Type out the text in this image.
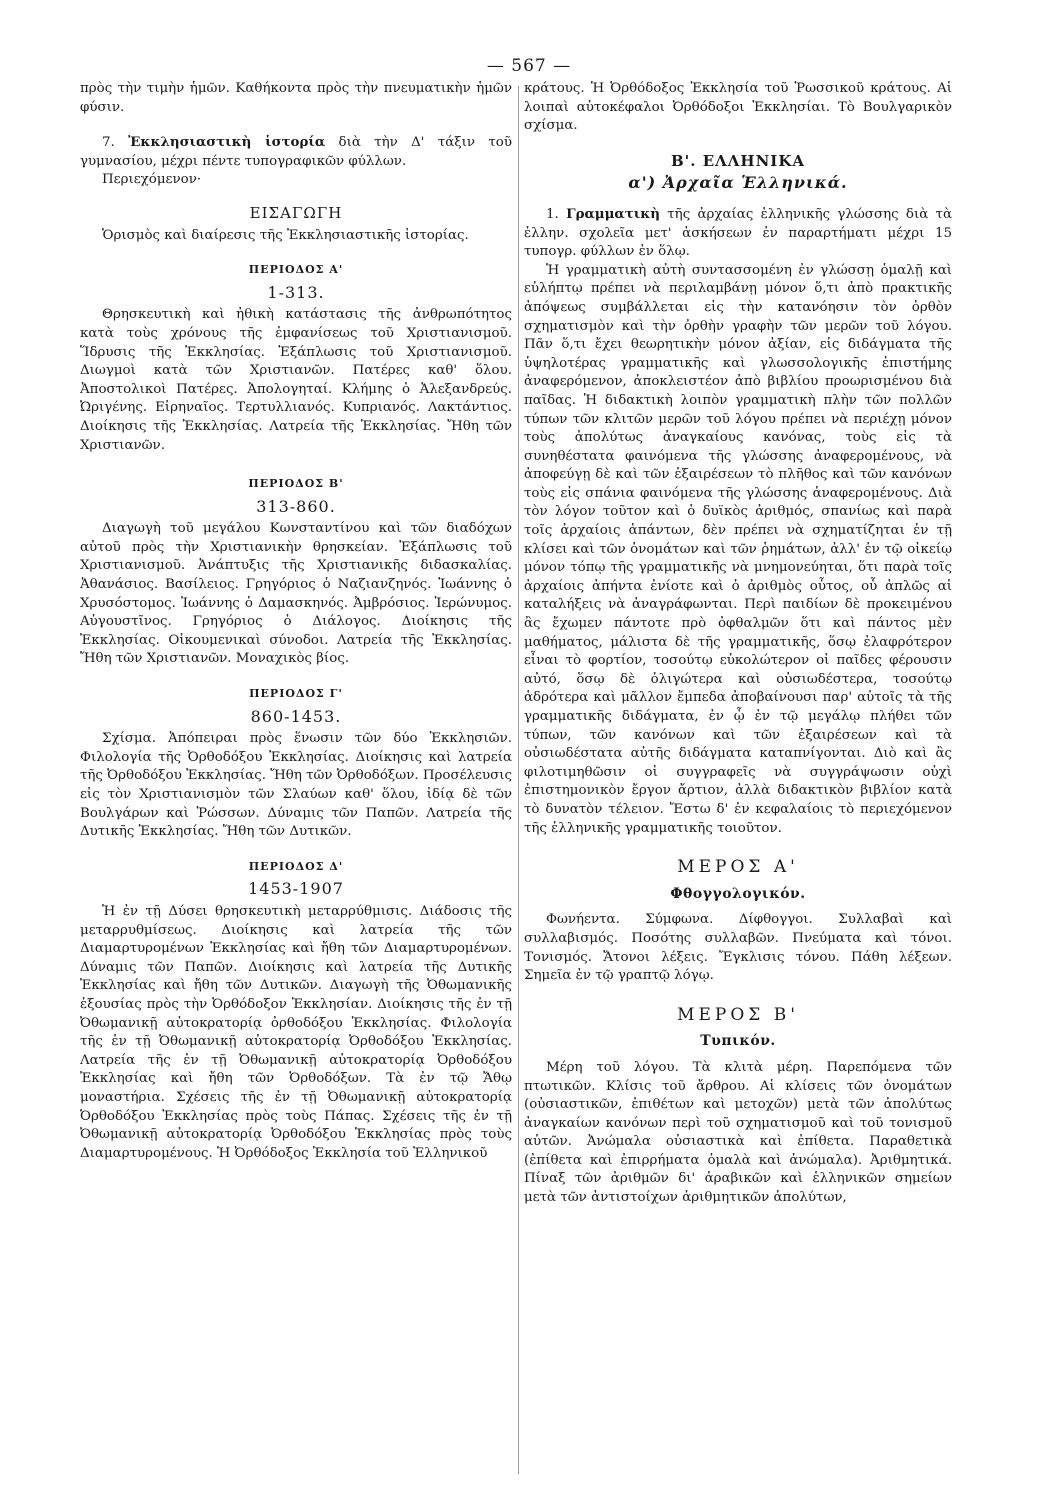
— 567 —

πρὸς τὴν τιμὴν ἡμῶν. Καθήκοντα πρὸς τὴν πνευματικὴν ἡμῶν φύσιν.

7. Ἐκκλησιαστικὴ ἱστορία διὰ τὴν Δ' τάξιν τοῦ γυμνασίου, μέχρι πέντε τυπογραφικῶν φύλλων.

Περιεχόμενον·

ΕΙΣΑΓΩΓΗ

Ὁρισμὸς καὶ διαίρεσις τῆς Ἐκκλησιαστικῆς ἱστορίας.

ΠΕΡΙΟΔΟΣ Α'

1-313.

Θρησκευτικὴ καὶ ἠθικὴ κατάστασις τῆς ἀνθρωπότητος κατὰ τοὺς χρόνους τῆς ἐμφανίσεως τοῦ Χριστιανισμοῦ. Ἵδρυσις τῆς Ἐκκλησίας. Ἐξάπλωσις τοῦ Χριστιανισμοῦ. Διωγμοὶ κατὰ τῶν Χριστιανῶν. Πατέρες καθ' ὅλου. Ἀποστολικοὶ Πατέρες. Ἀπολογηταί. Κλήμης ὁ Ἀλεξανδρεύς. Ὠριγένης. Εἰρηναῖος. Τερτυλλιανός. Κυπριανός. Λακτάντιος. Διοίκησις τῆς Ἐκκλησίας. Λατρεία τῆς Ἐκκλησίας. Ἤθη τῶν Χριστιανῶν.

ΠΕΡΙΟΔΟΣ Β'

313-860.

Διαγωγὴ τοῦ μεγάλου Κωνσταντίνου καὶ τῶν διαδόχων αὐτοῦ πρὸς τὴν Χριστιανικὴν θρησκείαν. Ἐξάπλωσις τοῦ Χριστιανισμοῦ. Ἀνάπτυξις τῆς Χριστιανικῆς διδασκαλίας. Ἀθανάσιος. Βασίλειος. Γρηγόριος ὁ Ναζιανζηνός. Ἰωάννης ὁ Χρυσόστομος. Ἰωάννης ὁ Δαμασκηνός. Ἀμβρόσιος. Ἱερώνυμος. Αὐγουστῖνος. Γρηγόριος ὁ Διάλογος. Διοίκησις τῆς Ἐκκλησίας. Οἰκουμενικαὶ σύνοδοι. Λατρεία τῆς Ἐκκλησίας. Ἤθη τῶν Χριστιανῶν. Μοναχικὸς βίος.

ΠΕΡΙΟΔΟΣ Γ'

860-1453.

Σχίσμα. Ἀπόπειραι πρὸς ἕνωσιν τῶν δύο Ἐκκλησιῶν. Φιλολογία τῆς Ὀρθοδόξου Ἐκκλησίας. Διοίκησις καὶ λατρεία τῆς Ὀρθοδόξου Ἐκκλησίας. Ἤθη τῶν Ὀρθοδόξων. Προσέλευσις εἰς τὸν Χριστιανισμὸν τῶν Σλαύων καθ' ὅλου, ἰδίᾳ δὲ τῶν Βουλγάρων καὶ Ῥώσσων. Δύναμις τῶν Παπῶν. Λατρεία τῆς Δυτικῆς Ἐκκλησίας. Ἤθη τῶν Δυτικῶν.

ΠΕΡΙΟΔΟΣ Δ'

1453-1907

Ἡ ἐν τῇ Δύσει θρησκευτικὴ μεταρρύθμισις. Διάδοσις τῆς μεταρρυθμίσεως. Διοίκησις καὶ λατρεία τῆς τῶν Διαμαρτυρομένων Ἐκκλησίας καὶ ἤθη τῶν Διαμαρτυρομένων. Δύναμις τῶν Παπῶν. Διοίκησις καὶ λατρεία τῆς Δυτικῆς Ἐκκλησίας καὶ ἤθη τῶν Δυτικῶν. Διαγωγὴ τῆς Ὀθωμανικῆς ἐξουσίας πρὸς τὴν Ὀρθόδοξον Ἐκκλησίαν. Διοίκησις τῆς ἐν τῇ Ὀθωμανικῇ αὐτοκρατορίᾳ ὀρθοδόξου Ἐκκλησίας. Φιλολογία τῆς ἐν τῇ Ὀθωμανικῇ αὐτοκρατορίᾳ Ὀρθοδόξου Ἐκκλησίας. Λατρεία τῆς ἐν τῇ Ὀθωμανικῇ αὐτοκρατορίᾳ Ὀρθοδόξου Ἐκκλησίας καὶ ἤθη τῶν Ὀρθοδόξων. Τὰ ἐν τῷ Ἄθῳ μοναστήρια. Σχέσεις τῆς ἐν τῇ Ὀθωμανικῇ αὐτοκρατορίᾳ Ὀρθοδόξου Ἐκκλησίας πρὸς τοὺς Πάπας. Σχέσεις τῆς ἐν τῇ Ὀθωμανικῇ αὐτοκρατορίᾳ Ὀρθοδόξου Ἐκκλησίας πρὸς τοὺς Διαμαρτυρομένους. Ἡ Ὀρθόδοξος Ἐκκλησία τοῦ Ἑλληνικοῦ

κράτους. Ἡ Ὀρθόδοξος Ἐκκλησία τοῦ Ῥωσσικοῦ κράτους. Αἱ λοιπαὶ αὐτοκέφαλοι Ὀρθόδοξοι Ἐκκλησίαι. Τὸ Βουλγαρικὸν σχίσμα.

Β'. ΕΛΛΗΝΙΚΑ

α') Ἀρχαῖα Ἑλληνικά.

1. Γραμματικὴ τῆς ἀρχαίας ἑλληνικῆς γλώσσης διὰ τὰ ἑλλην. σχολεῖα μετ' ἀσκήσεων ἐν παραρτήματι μέχρι 15 τυπογρ. φύλλων ἐν ὅλῳ.

Ἡ γραμματικὴ αὐτὴ συντασσομένη ἐν γλώσσῃ ὁμαλῇ καὶ εὐλήπτῳ πρέπει νὰ περιλαμβάνῃ μόνον ὅ,τι ἀπὸ πρακτικῆς ἀπόψεως συμβάλλεται εἰς τὴν κατανόησιν τὸν ὀρθὸν σχηματισμὸν καὶ τὴν ὀρθὴν γραφὴν τῶν μερῶν τοῦ λόγου. Πᾶν ὅ,τι ἔχει θεωρητικὴν μόνον ἀξίαν, εἰς διδάγματα τῆς ὑψηλοτέρας γραμματικῆς καὶ γλωσσολογικῆς ἐπιστήμης ἀναφερόμενον, ἀποκλειστέον ἀπὸ βιβλίου προωρισμένου διὰ παῖδας. Ἡ διδακτικὴ λοιπὸν γραμματικὴ πλὴν τῶν πολλῶν τύπων τῶν κλιτῶν μερῶν τοῦ λόγου πρέπει νὰ περιέχῃ μόνον τοὺς ἀπολύτως ἀναγκαίους κανόνας, τοὺς εἰς τὰ συνηθέστατα φαινόμενα τῆς γλώσσης ἀναφερομένους, νὰ ἀποφεύγῃ δὲ καὶ τῶν ἐξαιρέσεων τὸ πλῆθος καὶ τῶν κανόνων τοὺς εἰς σπάνια φαινόμενα τῆς γλώσσης ἀναφερομένους. Διὰ τὸν λόγον τοῦτον καὶ ὁ δυϊκὸς ἀριθμός, σπανίως καὶ παρὰ τοῖς ἀρχαίοις ἁπάντων, δὲν πρέπει νὰ σχηματίζηται ἐν τῇ κλίσει καὶ τῶν ὀνομάτων καὶ τῶν ῥημάτων, ἀλλ' ἐν τῷ οἰκείῳ μόνον τόπῳ τῆς γραμματικῆς νὰ μνημονεύηται, ὅτι παρὰ τοῖς ἀρχαίοις ἀπήντα ἐνίοτε καὶ ὁ ἀριθμὸς οὗτος, οὗ ἁπλῶς αἱ καταλήξεις νὰ ἀναγράφωνται. Περὶ παιδίων δὲ προκειμένου ἂς ἔχωμεν πάντοτε πρὸ ὀφθαλμῶν ὅτι καὶ πάντος μὲν μαθήματος, μάλιστα δὲ τῆς γραμματικῆς, ὅσῳ ἐλαφρότερον εἶναι τὸ φορτίον, τοσούτῳ εὐκολώτερον οἱ παῖδες φέρουσιν αὐτό, ὅσῳ δὲ ὀλιγώτερα καὶ οὐσιωδέστερα, τοσούτῳ ἁδρότερα καὶ μᾶλλον ἔμπεδα ἀποβαίνουσι παρ' αὐτοῖς τὰ τῆς γραμματικῆς διδάγματα, ἐν ᾧ ἐν τῷ μεγάλῳ πλήθει τῶν τύπων, τῶν κανόνων καὶ τῶν ἐξαιρέσεων καὶ τὰ οὐσιωδέστατα αὐτῆς διδάγματα καταπνίγονται. Διὸ καὶ ἂς φιλοτιμηθῶσιν οἱ συγγραφεῖς νὰ συγγράψωσιν οὐχὶ ἐπιστημονικὸν ἔργον ἄρτιον, ἀλλὰ διδακτικὸν βιβλίον κατὰ τὸ δυνατὸν τέλειον. Ἔστω δ' ἐν κεφαλαίοις τὸ περιεχόμενον τῆς ἑλληνικῆς γραμματικῆς τοιοῦτον.

ΜΕΡΟΣ Α'

Φθογγολογικόν.

Φωνήεντα. Σύμφωνα. Δίφθογγοι. Συλλαβαὶ καὶ συλλαβισμός. Ποσότης συλλαβῶν. Πνεύματα καὶ τόνοι. Τονισμός. Ἄτονοι λέξεις. Ἔγκλισις τόνου. Πάθη λέξεων. Σημεῖα ἐν τῷ γραπτῷ λόγῳ.

ΜΕΡΟΣ Β'

Τυπικόν.

Μέρη τοῦ λόγου. Τὰ κλιτὰ μέρη. Παρεπόμενα τῶν πτωτικῶν. Κλίσις τοῦ ἄρθρου. Αἱ κλίσεις τῶν ὀνομάτων (οὐσιαστικῶν, ἐπιθέτων καὶ μετοχῶν) μετὰ τῶν ἀπολύτως ἀναγκαίων κανόνων περὶ τοῦ σχηματισμοῦ καὶ τοῦ τονισμοῦ αὐτῶν. Ἀνώμαλα οὐσιαστικὰ καὶ ἐπίθετα. Παραθετικὰ (ἐπίθετα καὶ ἐπιρρήματα ὁμαλὰ καὶ ἀνώμαλα). Ἀριθμητικά. Πίναξ τῶν ἀριθμῶν δι' ἀραβικῶν καὶ ἑλληνικῶν σημείων μετὰ τῶν ἀντιστοίχων ἀριθμητικῶν ἀπολύτων,
